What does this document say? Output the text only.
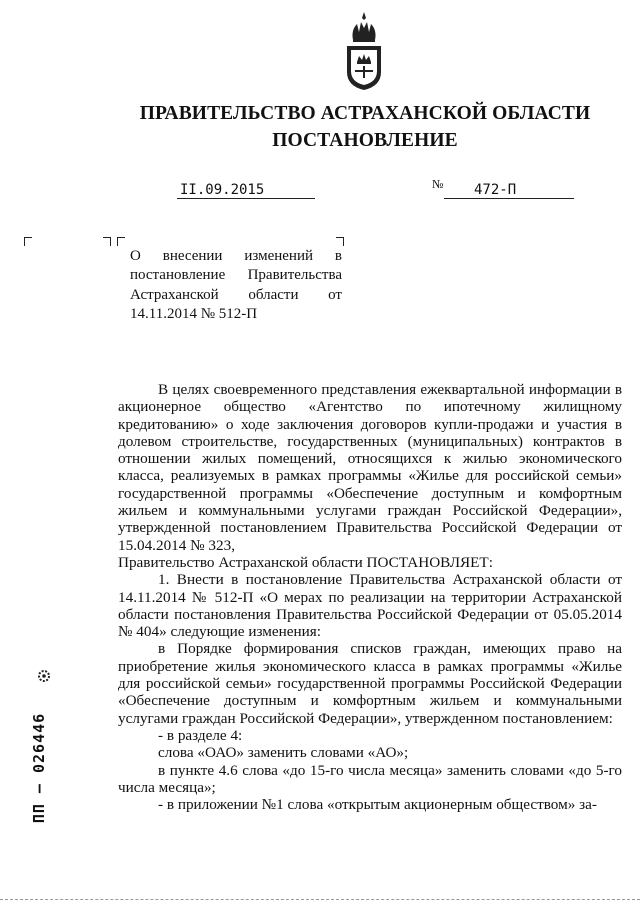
ПРАВИТЕЛЬСТВО АСТРАХАНСКОЙ ОБЛАСТИ
ПОСТАНОВЛЕНИЕ
II.09.2015	№	472-П

О внесении изменений в постановление Правительства Астраханской области от 14.11.2014 № 512-П

В целях своевременного представления ежеквартальной информации в акционерное общество «Агентство по ипотечному жилищному кредитованию» о ходе заключения договоров купли-продажи и участия в долевом строительстве, государственных (муниципальных) контрактов в отношении жилых помещений, относящихся к жилью экономического класса, реализуемых в рамках программы «Жилье для российской семьи» государственной программы «Обеспечение доступным и комфортным жильем и коммунальными услугами граждан Российской Федерации», утвержденной постановлением Правительства Российской Федерации от 15.04.2014 № 323,

Правительство Астраханской области ПОСТАНОВЛЯЕТ:

1. Внести в постановление Правительства Астраханской области от 14.11.2014 № 512-П «О мерах по реализации на территории Астраханской области постановления Правительства Российской Федерации от 05.05.2014 № 404» следующие изменения:

в Порядке формирования списков граждан, имеющих право на приобретение жилья экономического класса в рамках программы «Жилье для российской семьи» государственной программы Российской Федерации «Обеспечение доступным и комфортным жильем и коммунальными услугами граждан Российской Федерации», утвержденном постановлением:

- в разделе 4:

слова «ОАО» заменить словами «АО»;

в пункте 4.6 слова «до 15-го числа месяца» заменить словами «до 5-го числа месяца»;

- в приложении №1 слова «открытым акционерным обществом» за-

ПП – 026446
